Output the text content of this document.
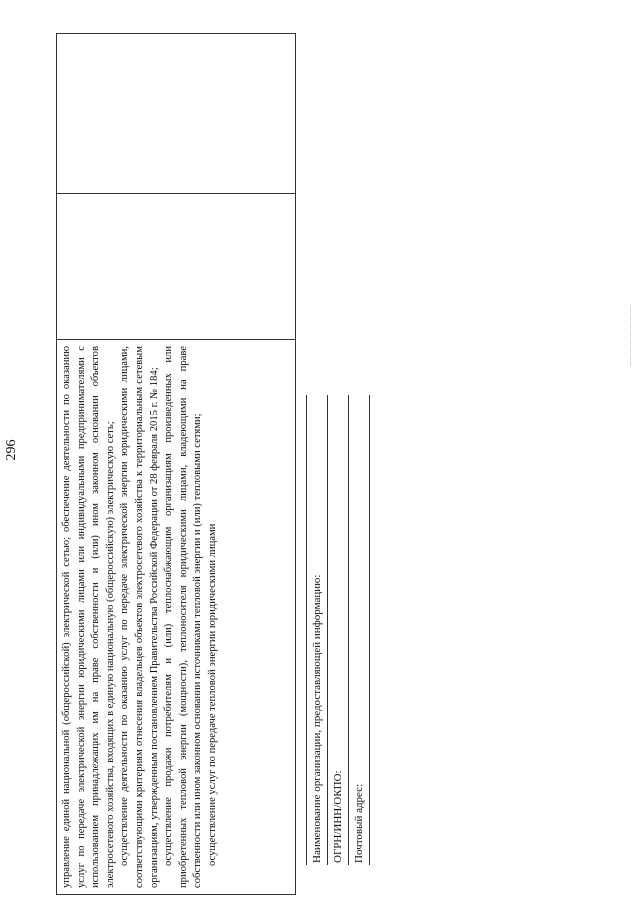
296	управление единой национальной (общероссийской) электрической сетью; обеспечение деятельности по оказанию услуг по передаче электрической энергии юридическими лицами или индивидуальными предпринимателями с использованием принадлежащих им на праве собственности и (или) ином законном основании объектов электросетевого хозяйства, входящих в единую национальную (общероссийскую) электрическую сеть; осуществление деятельности по оказанию услуг по передаче электрической энергии юридическими лицами, соответствующими критериям отнесения владельцев объектов электросетевого хозяйства к территориальным сетевым организациям, утвержденным постановлением Правительства Российской Федерации от 28 февраля 2015 г. № 184; осуществление продажи потребителям и (или) теплоснабжающим организациям произведенных или приобретенных тепловой энергии (мощности), теплоносителя юридическими лицами, владеющими на праве собственности или ином законном основании источниками тепловой энергии и (или) тепловыми сетями; осуществление услуг по передаче тепловой энергии юридическими лицами	Наименование организации, предоставляющей информацию: ОГРН/ИНН/ОКПО: Почтовый адрес:
